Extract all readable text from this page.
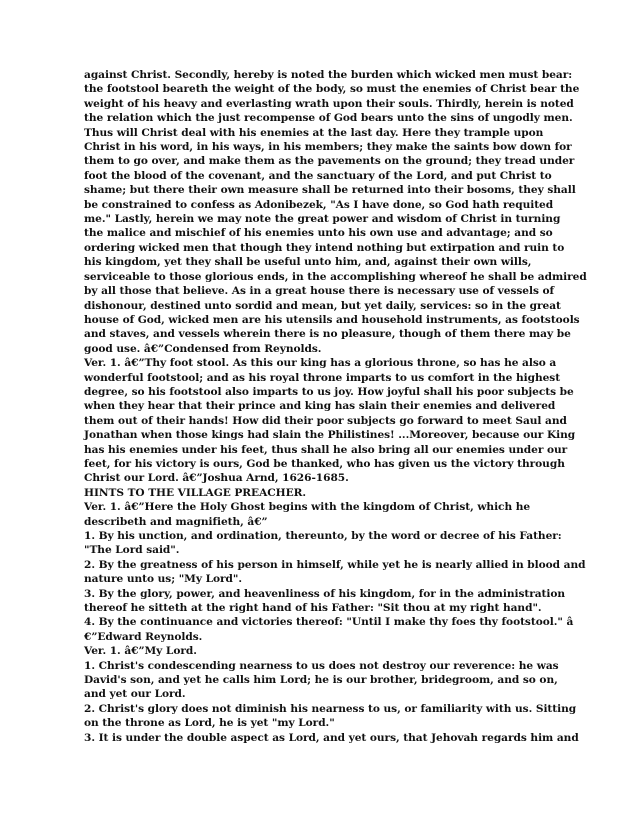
against Christ. Secondly, hereby is noted the burden which wicked men must bear:
the footstool beareth the weight of the body, so must the enemies of Christ bear the
weight of his heavy and everlasting wrath upon their souls. Thirdly, herein is noted
the relation which the just recompense of God bears unto the sins of ungodly men.
Thus will Christ deal with his enemies at the last day. Here they trample upon
Christ in his word, in his ways, in his members; they make the saints bow down for
them to go over, and make them as the pavements on the ground; they tread under
foot the blood of the covenant, and the sanctuary of the Lord, and put Christ to
shame; but there their own measure shall be returned into their bosoms, they shall
be constrained to confess as Adonibezek, "As I have done, so God hath requited
me." Lastly, herein we may note the great power and wisdom of Christ in turning
the malice and mischief of his enemies unto his own use and advantage; and so
ordering wicked men that though they intend nothing but extirpation and ruin to
his kingdom, yet they shall be useful unto him, and, against their own wills,
serviceable to those glorious ends, in the accomplishing whereof he shall be admired
by all those that believe. As in a great house there is necessary use of vessels of
dishonour, destined unto sordid and mean, but yet daily, services: so in the great
house of God, wicked men are his utensils and household instruments, as footstools
and staves, and vessels wherein there is no pleasure, though of them there may be
good use. â€”Condensed from Reynolds.
Ver. 1. â€”Thy foot stool. As this our king has a glorious throne, so has he also a
wonderful footstool; and as his royal throne imparts to us comfort in the highest
degree, so his footstool also imparts to us joy. How joyful shall his poor subjects be
when they hear that their prince and king has slain their enemies and delivered
them out of their hands! How did their poor subjects go forward to meet Saul and
Jonathan when those kings had slain the Philistines! ...Moreover, because our King
has his enemies under his feet, thus shall he also bring all our enemies under our
feet, for his victory is ours, God be thanked, who has given us the victory through
Christ our Lord. â€”Joshua Arnd, 1626-1685.
HINTS TO THE VILLAGE PREACHER.
Ver. 1. â€”Here the Holy Ghost begins with the kingdom of Christ, which he
describeth and magnifieth, â€”
1. By his unction, and ordination, thereunto, by the word or decree of his Father:
"The Lord said".
2. By the greatness of his person in himself, while yet he is nearly allied in blood and
nature unto us; "My Lord".
3. By the glory, power, and heavenliness of his kingdom, for in the administration
thereof he sitteth at the right hand of his Father: "Sit thou at my right hand".
4. By the continuance and victories thereof: "Until I make thy foes thy footstool." â
€”Edward Reynolds.
Ver. 1. â€”My Lord.
1. Christ's condescending nearness to us does not destroy our reverence: he was
David's son, and yet he calls him Lord; he is our brother, bridegroom, and so on,
and yet our Lord.
2. Christ's glory does not diminish his nearness to us, or familiarity with us. Sitting
on the throne as Lord, he is yet "my Lord."
3. It is under the double aspect as Lord, and yet ours, that Jehovah regards him and
